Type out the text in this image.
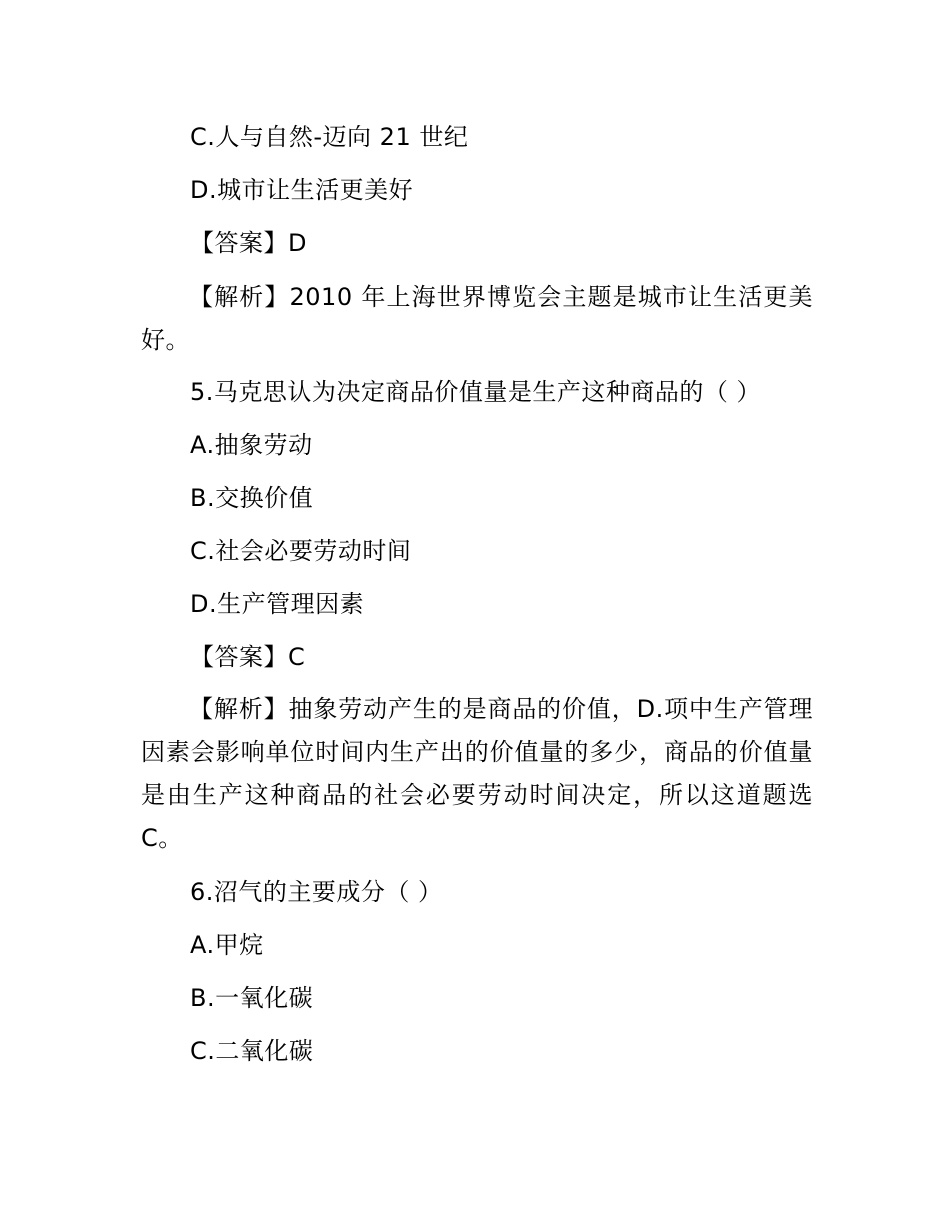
C.人与自然-迈向 21 世纪
D.城市让生活更美好
【答案】D
【解析】2010 年上海世界博览会主题是城市让生活更美好。
5.马克思认为决定商品价值量是生产这种商品的（ ）
A.抽象劳动
B.交换价值
C.社会必要劳动时间
D.生产管理因素
【答案】C
【解析】抽象劳动产生的是商品的价值，D.项中生产管理因素会影响单位时间内生产出的价值量的多少，商品的价值量是由生产这种商品的社会必要劳动时间决定，所以这道题选C。
6.沼气的主要成分（ ）
A.甲烷
B.一氧化碳
C.二氧化碳
